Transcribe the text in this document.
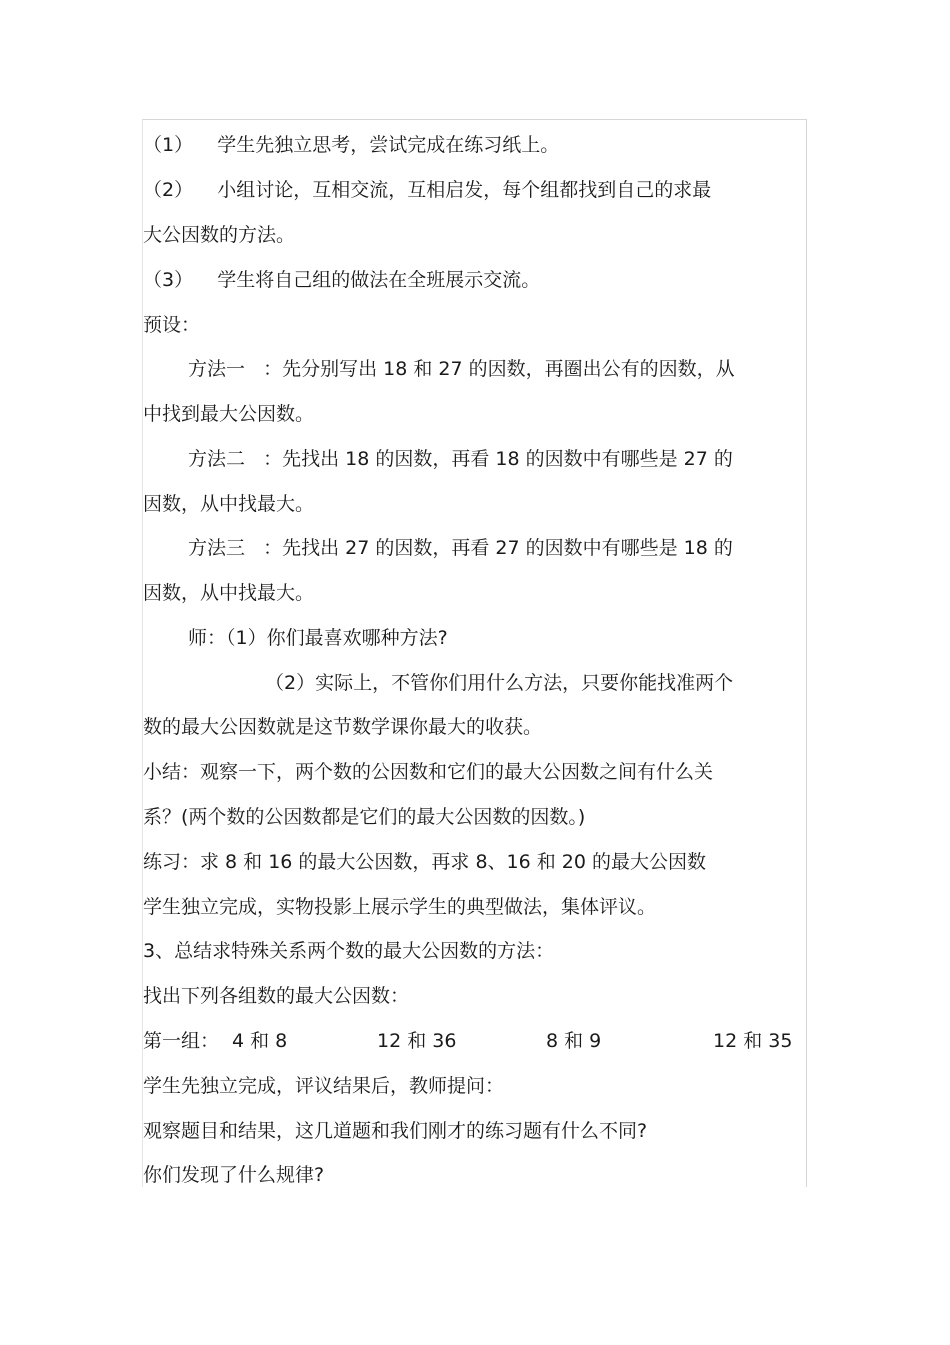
（1）    学生先独立思考，尝试完成在练习纸上。
（2）    小组讨论，互相交流，互相启发，每个组都找到自己的求最
大公因数的方法。
（3）    学生将自己组的做法在全班展示交流。
预设：
方法一   ：先分别写出 18 和 27 的因数，再圈出公有的因数，从
中找到最大公因数。
方法二   ：先找出 18 的因数，再看 18 的因数中有哪些是 27 的
因数，从中找最大。
方法三   ：先找出 27 的因数，再看 27 的因数中有哪些是 18 的
因数，从中找最大。
师：（1）你们最喜欢哪种方法?
（2）实际上，不管你们用什么方法，只要你能找准两个
数的最大公因数就是这节数学课你最大的收获。
小结：观察一下，两个数的公因数和它们的最大公因数之间有什么关
系？(两个数的公因数都是它们的最大公因数的因数。)
练习：求 8 和 16 的最大公因数，再求 8、16 和 20 的最大公因数
学生独立完成，实物投影上展示学生的典型做法，集体评议。
3、总结求特殊关系两个数的最大公因数的方法：
找出下列各组数的最大公因数：
第一组： 4 和 8	12 和 36	8 和 9	12 和 35
学生先独立完成，评议结果后，教师提问：
观察题目和结果，这几道题和我们刚才的练习题有什么不同?
你们发现了什么规律?
